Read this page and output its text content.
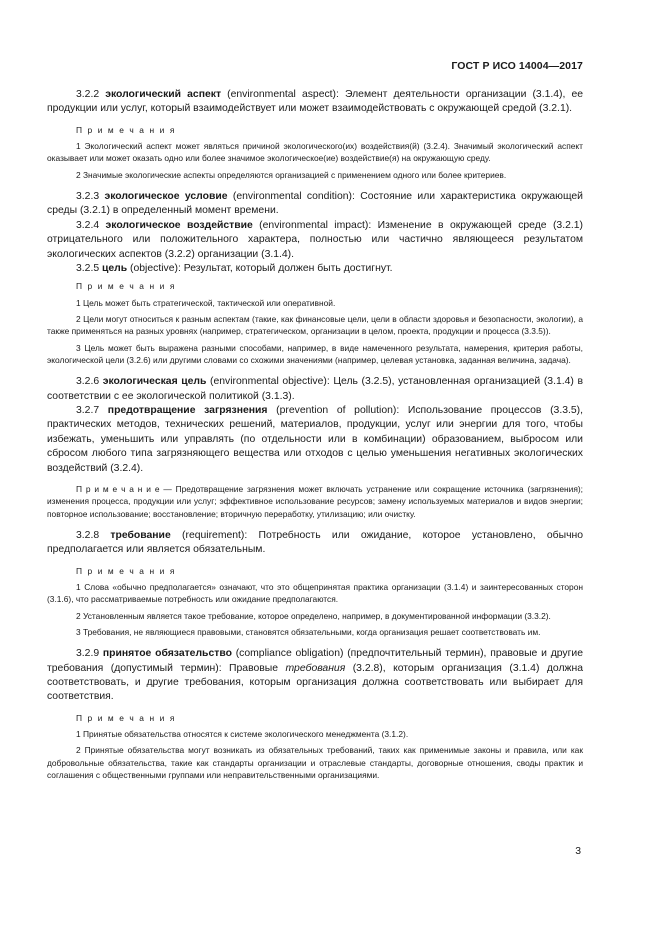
ГОСТ Р ИСО 14004—2017

3.2.2 экологический аспект (environmental aspect): Элемент деятельности организации (3.1.4), ее продукции или услуг, который взаимодействует или может взаимодействовать с окружающей средой (3.2.1).

П р и м е ч а н и я

1 Экологический аспект может являться причиной экологического(их) воздействия(й) (3.2.4). Значимый экологический аспект оказывает или может оказать одно или более значимое экологическое(ие) воздействие(я) на окружающую среду.

2 Значимые экологические аспекты определяются организацией с применением одного или более критериев.

3.2.3 экологическое условие (environmental condition): Состояние или характеристика окружающей среды (3.2.1) в определенный момент времени.

3.2.4 экологическое воздействие (environmental impact): Изменение в окружающей среде (3.2.1) отрицательного или положительного характера, полностью или частично являющееся результатом экологических аспектов (3.2.2) организации (3.1.4).

3.2.5 цель (objective): Результат, который должен быть достигнут.

П р и м е ч а н и я

1 Цель может быть стратегической, тактической или оперативной.

2 Цели могут относиться к разным аспектам (такие, как финансовые цели, цели в области здоровья и безопасности, экологии), а также применяться на разных уровнях (например, стратегическом, организации в целом, проекта, продукции и процесса (3.3.5)).

3 Цель может быть выражена разными способами, например, в виде намеченного результата, намерения, критерия работы, экологической цели (3.2.6) или другими словами со схожими значениями (например, целевая установка, заданная величина, задача).

3.2.6 экологическая цель (environmental objective): Цель (3.2.5), установленная организацией (3.1.4) в соответствии с ее экологической политикой (3.1.3).

3.2.7 предотвращение загрязнения (prevention of pollution): Использование процессов (3.3.5), практических методов, технических решений, материалов, продукции, услуг или энергии для того, чтобы избежать, уменьшить или управлять (по отдельности или в комбинации) образованием, выбросом или сбросом любого типа загрязняющего вещества или отходов с целью уменьшения негативных экологических воздействий (3.2.4).

П р и м е ч а н и е — Предотвращение загрязнения может включать устранение или сокращение источника (загрязнения); изменения процесса, продукции или услуг; эффективное использование ресурсов; замену используемых материалов и видов энергии; повторное использование; восстановление; вторичную переработку, утилизацию; или очистку.

3.2.8 требование (requirement): Потребность или ожидание, которое установлено, обычно предполагается или является обязательным.

П р и м е ч а н и я

1 Слова «обычно предполагается» означают, что это общепринятая практика организации (3.1.4) и заинтересованных сторон (3.1.6), что рассматриваемые потребность или ожидание предполагаются.

2 Установленным является такое требование, которое определено, например, в документированной информации (3.3.2).

3 Требования, не являющиеся правовыми, становятся обязательными, когда организация решает соответствовать им.

3.2.9 принятое обязательство (compliance obligation) (предпочтительный термин), правовые и другие требования (допустимый термин): Правовые требования (3.2.8), которым организация (3.1.4) должна соответствовать, и другие требования, которым организация должна соответствовать или выбирает для соответствия.

П р и м е ч а н и я

1 Принятые обязательства относятся к системе экологического менеджмента (3.1.2).

2 Принятые обязательства могут возникать из обязательных требований, таких как применимые законы и правила, или как добровольные обязательства, такие как стандарты организации и отраслевые стандарты, договорные отношения, своды практик и соглашения с общественными группами или неправительственными организациями.

3
